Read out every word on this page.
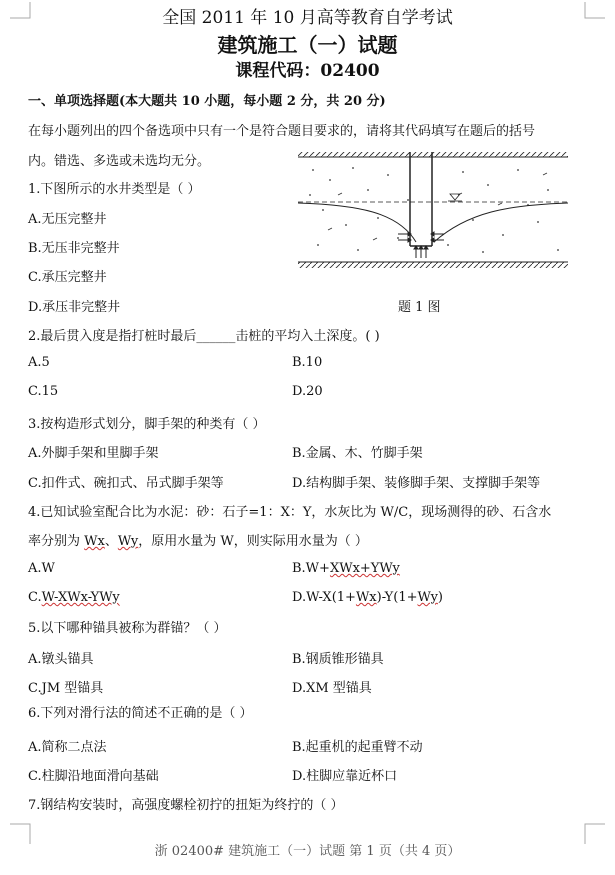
全国 2011 年 10 月高等教育自学考试
建筑施工（一）试题
课程代码：02400
一、单项选择题(本大题共 10 小题，每小题 2 分，共 20 分)
在每小题列出的四个备选项中只有一个是符合题目要求的，请将其代码填写在题后的括号
内。错选、多选或未选均无分。
题 1 图
1.下图所示的水井类型是（ ）
A.无压完整井
B.无压非完整井
C.承压完整井
D.承压非完整井
2.最后贯入度是指打桩时最后______击桩的平均入土深度。( )
A.5	B.10
C.15	D.20
3.按构造形式划分，脚手架的种类有（ ）
A.外脚手架和里脚手架	B.金属、木、竹脚手架
C.扣件式、碗扣式、吊式脚手架等	D.结构脚手架、装修脚手架、支撑脚手架等
4.已知试验室配合比为水泥：砂：石子=1：X：Y，水灰比为 W/C，现场测得的砂、石含水
率分别为 Wx、Wy，原用水量为 W，则实际用水量为（ ）
A.W	B.W+XWx+YWy
C.W-XWx-YWy	D.W-X(1+Wx)-Y(1+Wy)
5.以下哪种锚具被称为群锚？（ ）
A.镦头锚具	B.钢质锥形锚具
C.JM 型锚具	D.XM 型锚具
6.下列对滑行法的简述不正确的是（ ）
A.简称二点法	B.起重机的起重臂不动
C.柱脚沿地面滑向基础	D.柱脚应靠近杯口
7.钢结构安装时，高强度螺栓初拧的扭矩为终拧的（ ）
浙 02400# 建筑施工（一）试题 第 1 页（共 4 页）
